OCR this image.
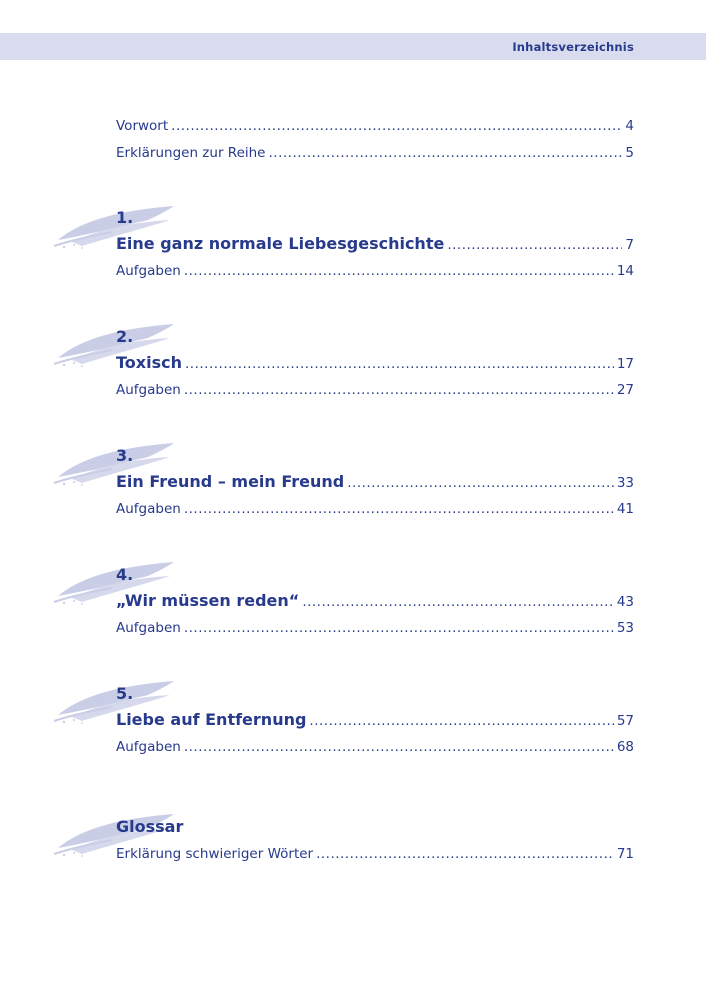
Inhaltsverzeichnis
Vorwort .....	4
Erklärungen zur Reihe .....	5
1.
Eine ganz normale Liebesgeschichte .....	7
Aufgaben .....	14
2.
Toxisch .....	17
Aufgaben .....	27
3.
Ein Freund – mein Freund .....	33
Aufgaben .....	41
4.
„Wir müssen reden“ .....	43
Aufgaben .....	53
5.
Liebe auf Entfernung .....	57
Aufgaben .....	68
Glossar
Erklärung schwieriger Wörter .....	71
